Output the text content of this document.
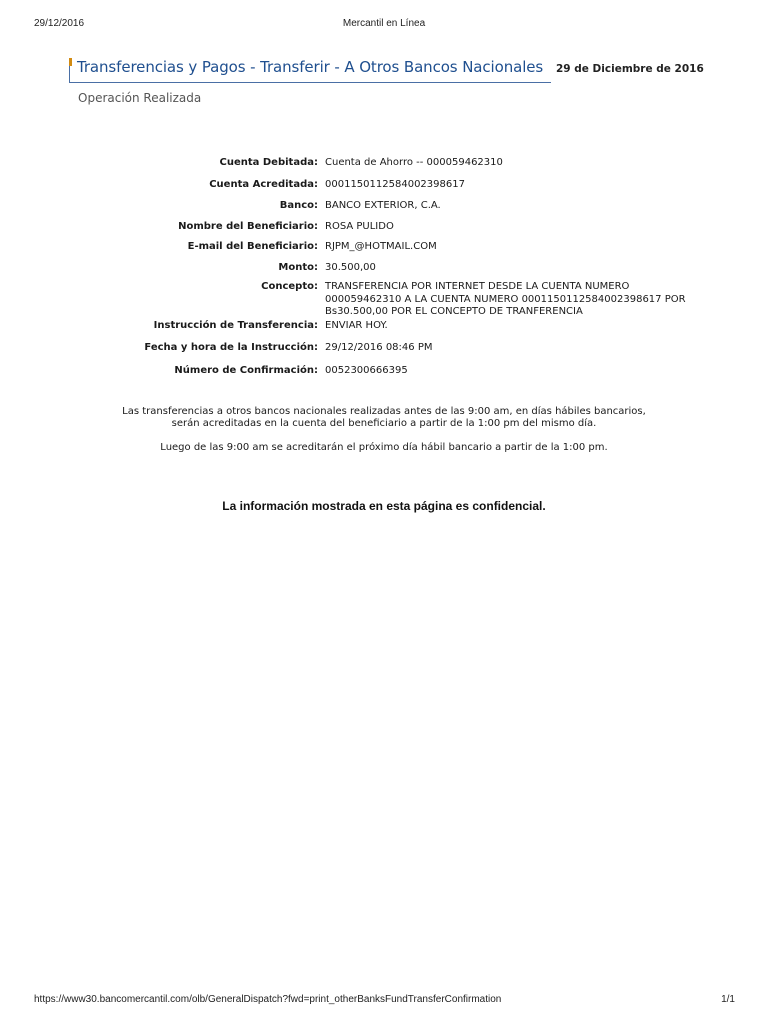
29/12/2016	Mercantil en Línea
Transferencias y Pagos - Transferir - A Otros Bancos Nacionales 29 de Diciembre de 2016
Operación Realizada
Cuenta Debitada: Cuenta de Ahorro -- 000059462310
Cuenta Acreditada: 00011501125840023986​17
Banco: BANCO EXTERIOR, C.A.
Nombre del Beneficiario: ROSA PULIDO
E-mail del Beneficiario: RJPM_@HOTMAIL.COM
Monto: 30.500,00
Concepto: TRANSFERENCIA POR INTERNET DESDE LA CUENTA NUMERO 000059462310 A LA CUENTA NUMERO 00011501125840023986​17 POR Bs30.500,00 POR EL CONCEPTO DE TRANFERENCIA
Instrucción de Transferencia: ENVIAR HOY.
Fecha y hora de la Instrucción: 29/12/2016 08:46 PM
Número de Confirmación: 0052300666395

Las transferencias a otros bancos nacionales realizadas antes de las 9:00 am, en días hábiles bancarios,

serán acreditadas en la cuenta del beneficiario a partir de la 1:00 pm del mismo día.

Luego de las 9:00 am se acreditarán el próximo día hábil bancario a partir de la 1:00 pm.

La información mostrada en esta página es confidencial.
https://www30.bancomercantil.com/olb/GeneralDispatch?fwd=print_otherBanksFundTransferConfirmation	1/1
